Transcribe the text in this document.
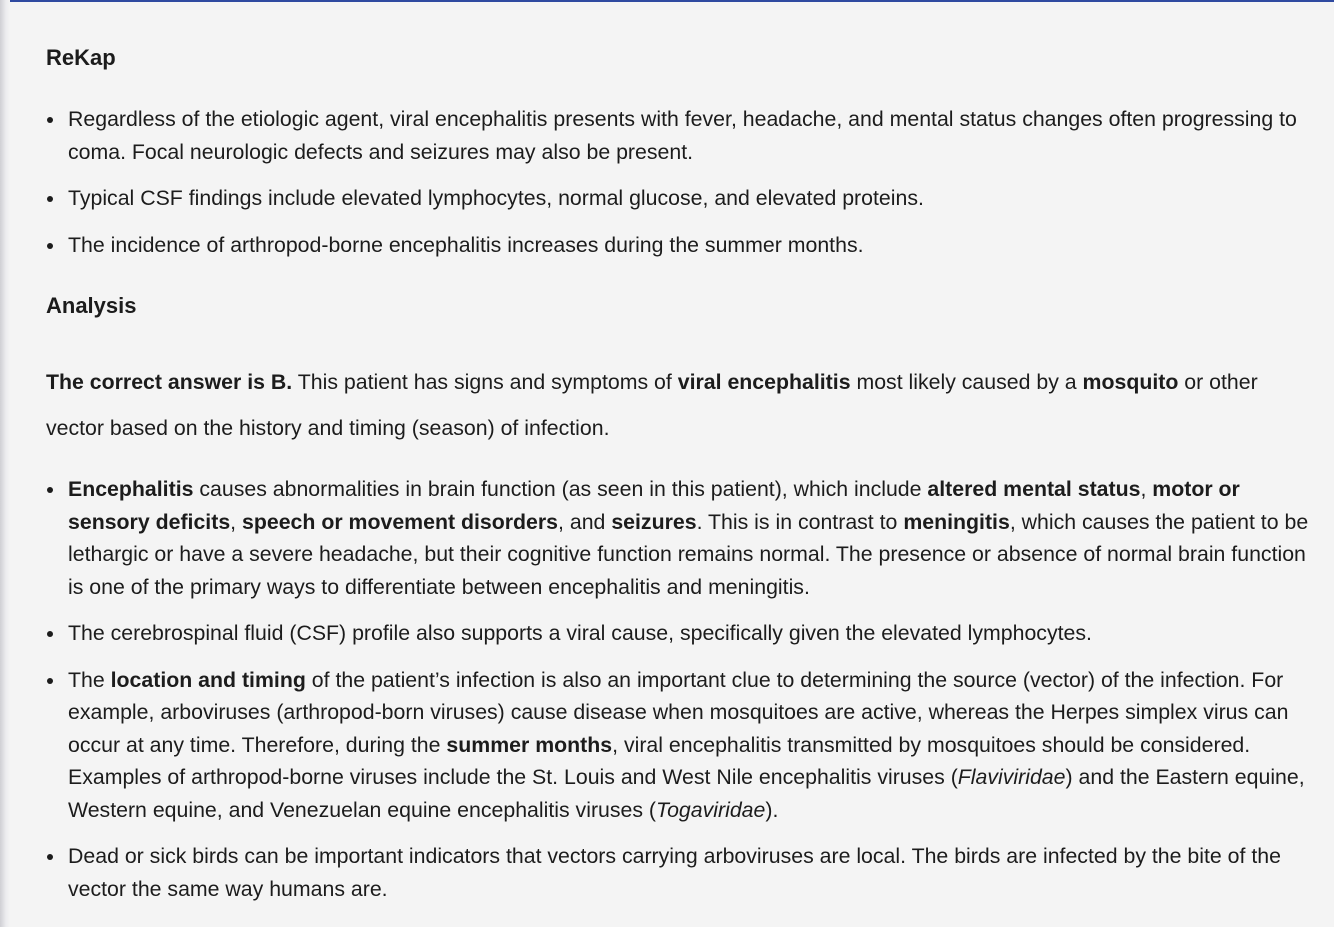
ReKap
Regardless of the etiologic agent, viral encephalitis presents with fever, headache, and mental status changes often progressing to coma. Focal neurologic defects and seizures may also be present.
Typical CSF findings include elevated lymphocytes, normal glucose, and elevated proteins.
The incidence of arthropod-borne encephalitis increases during the summer months.
Analysis

The correct answer is B. This patient has signs and symptoms of viral encephalitis most likely caused by a mosquito or other vector based on the history and timing (season) of infection.

Encephalitis causes abnormalities in brain function (as seen in this patient), which include altered mental status, motor or sensory deficits, speech or movement disorders, and seizures. This is in contrast to meningitis, which causes the patient to be lethargic or have a severe headache, but their cognitive function remains normal. The presence or absence of normal brain function is one of the primary ways to differentiate between encephalitis and meningitis.
The cerebrospinal fluid (CSF) profile also supports a viral cause, specifically given the elevated lymphocytes.
The location and timing of the patient’s infection is also an important clue to determining the source (vector) of the infection. For example, arboviruses (arthropod-born viruses) cause disease when mosquitoes are active, whereas the Herpes simplex virus can occur at any time. Therefore, during the summer months, viral encephalitis transmitted by mosquitoes should be considered. Examples of arthropod-borne viruses include the St. Louis and West Nile encephalitis viruses (Flaviviridae) and the Eastern equine, Western equine, and Venezuelan equine encephalitis viruses (Togaviridae).
Dead or sick birds can be important indicators that vectors carrying arboviruses are local. The birds are infected by the bite of the vector the same way humans are.
